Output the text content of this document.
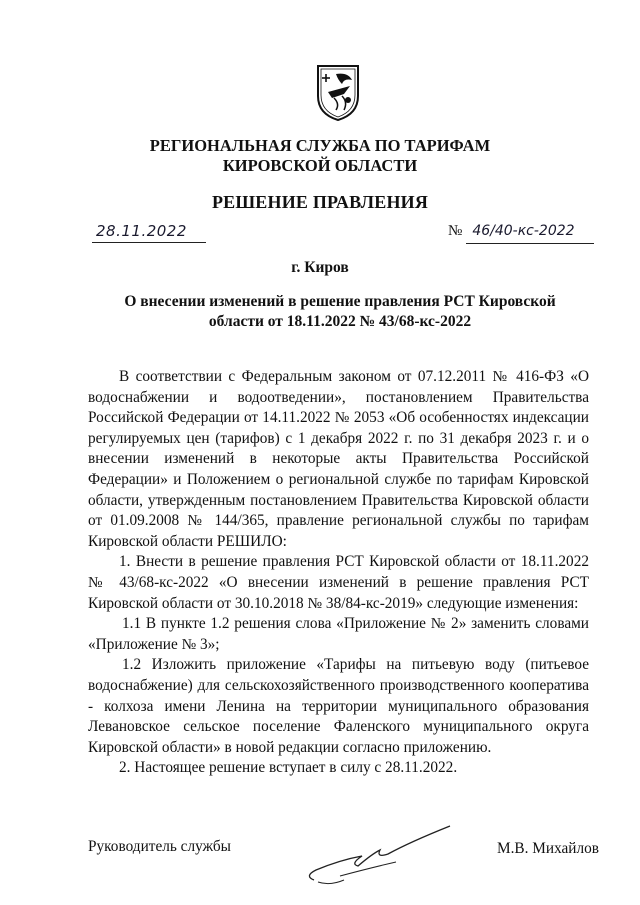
РЕГИОНАЛЬНАЯ СЛУЖБА ПО ТАРИФАМ
КИРОВСКОЙ ОБЛАСТИ
РЕШЕНИЕ ПРАВЛЕНИЯ
28.11.2022	№ 46/40-кс-2022
г. Киров
О внесении изменений в решение правления РСТ Кировской
области от 18.11.2022 № 43/68-кс-2022

В соответствии с Федеральным законом от 07.12.2011 № 416-ФЗ «О водоснабжении и водоотведении», постановлением Правительства Российской Федерации от 14.11.2022 № 2053 «Об особенностях индексации регулируемых цен (тарифов) с 1 декабря 2022 г. по 31 декабря 2023 г. и о внесении изменений в некоторые акты Правительства Российской Федерации» и Положением о региональной службе по тарифам Кировской области, утвержденным постановлением Правительства Кировской области от 01.09.2008 № 144/365, правление региональной службы по тарифам Кировской области РЕШИЛО:

1. Внести в решение правления РСТ Кировской области от 18.11.2022 № 43/68-кс-2022 «О внесении изменений в решение правления РСТ Кировской области от 30.10.2018 № 38/84-кс-2019» следующие изменения:

1.1 В пункте 1.2 решения слова «Приложение № 2» заменить словами «Приложение № 3»;

1.2 Изложить приложение «Тарифы на питьевую воду (питьевое водоснабжение) для сельскохозяйственного производственного кооператива - колхоза имени Ленина на территории муниципального образования Левановское сельское поселение Фаленского муниципального округа Кировской области» в новой редакции согласно приложению.

2. Настоящее решение вступает в силу с 28.11.2022.

Руководитель службы	М.В. Михайлов
